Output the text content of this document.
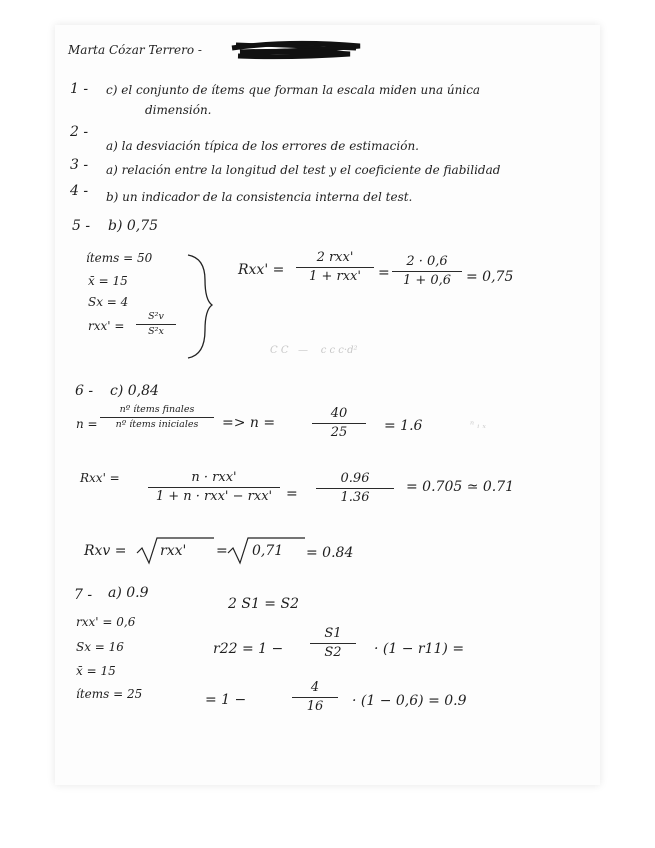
C C   —    c c c·d²
ⁿ ᵢ ₓ
Marta Cózar Terrero -
1 - c) el conjunto de ítems que forman la escala miden una única
dimensión.
2 -
a) la desviación típica de los errores de estimación.
3 - a) relación entre la longitud del test y el coeficiente de fiabilidad
4 - b) un indicador de la consistencia interna del test.
5 - b) 0,75
ítems = 50
x̄ = 15
Sx = 4
rxx' =
S²v
S²x
Rxx' =
2 rxx'
1 + rxx'	=
2 · 0,6
1 + 0,6	= 0,75
6 - c) 0,84
n =
nº ítems finales
nº ítems iniciales	=> n =
40
25	= 1.6
Rxx' =	n · rxx'
1 + n · rxx' − rxx' =
0.96
1.36
= 0.705 ≃ 0.71
Rxv = rxx' = 0,71 = 0.84
7 - a) 0.9
rxx' = 0,6
Sx = 16
x̄ = 15
ítems = 25
2 S1 = S2
r22 = 1 −
S1
S2	· (1 − r11) =
= 1 −
4
16	· (1 − 0,6) = 0.9
